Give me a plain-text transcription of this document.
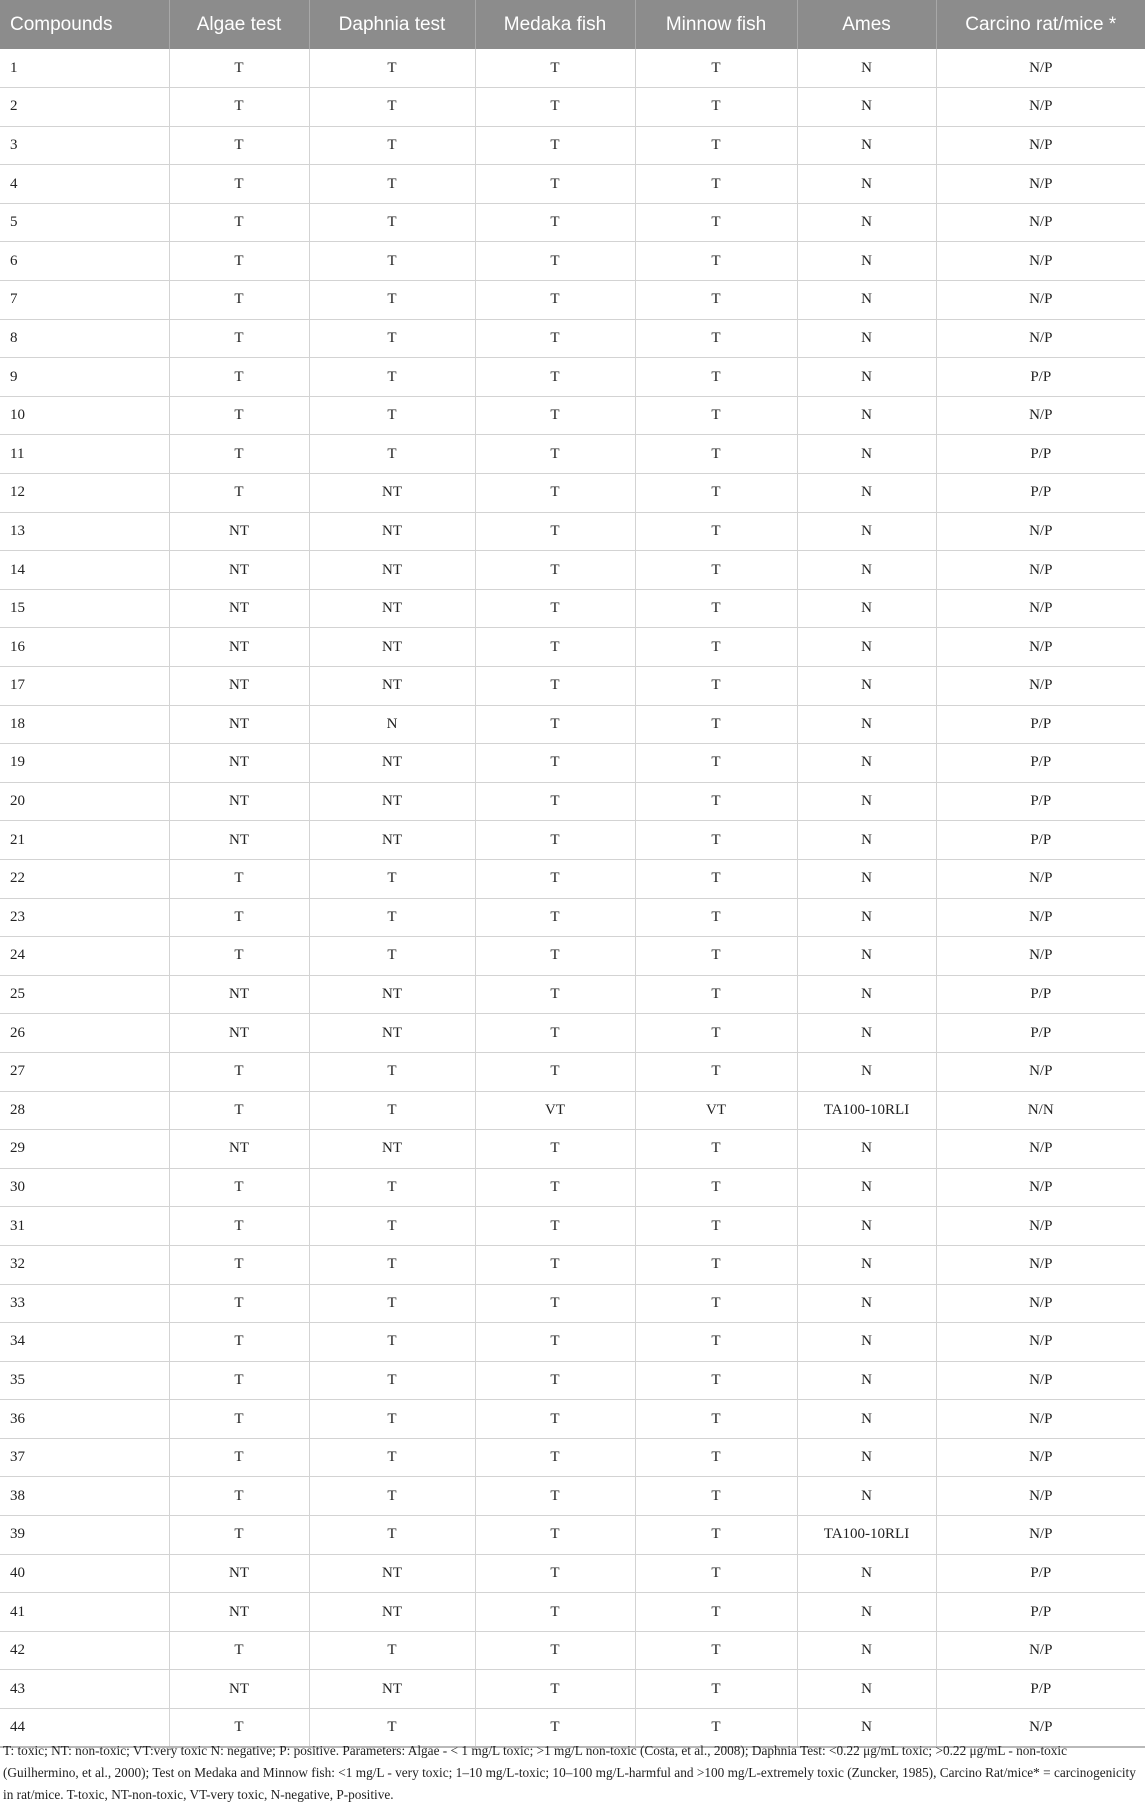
Compounds	Algae test	Daphnia test	Medaka fish	Minnow fish	Ames	Carcino rat/mice *
1	T	T	T	T	N	N/P
2	T	T	T	T	N	N/P
3	T	T	T	T	N	N/P
4	T	T	T	T	N	N/P
5	T	T	T	T	N	N/P
6	T	T	T	T	N	N/P
7	T	T	T	T	N	N/P
8	T	T	T	T	N	N/P
9	T	T	T	T	N	P/P
10	T	T	T	T	N	N/P
11	T	T	T	T	N	P/P
12	T	NT	T	T	N	P/P
13	NT	NT	T	T	N	N/P
14	NT	NT	T	T	N	N/P
15	NT	NT	T	T	N	N/P
16	NT	NT	T	T	N	N/P
17	NT	NT	T	T	N	N/P
18	NT	N	T	T	N	P/P
19	NT	NT	T	T	N	P/P
20	NT	NT	T	T	N	P/P
21	NT	NT	T	T	N	P/P
22	T	T	T	T	N	N/P
23	T	T	T	T	N	N/P
24	T	T	T	T	N	N/P
25	NT	NT	T	T	N	P/P
26	NT	NT	T	T	N	P/P
27	T	T	T	T	N	N/P
28	T	T	VT	VT	TA100-10RLI	N/N
29	NT	NT	T	T	N	N/P
30	T	T	T	T	N	N/P
31	T	T	T	T	N	N/P
32	T	T	T	T	N	N/P
33	T	T	T	T	N	N/P
34	T	T	T	T	N	N/P
35	T	T	T	T	N	N/P
36	T	T	T	T	N	N/P
37	T	T	T	T	N	N/P
38	T	T	T	T	N	N/P
39	T	T	T	T	TA100-10RLI	N/P
40	NT	NT	T	T	N	P/P
41	NT	NT	T	T	N	P/P
42	T	T	T	T	N	N/P
43	NT	NT	T	T	N	P/P
44	T	T	T	T	N	N/P
T: toxic; NT: non-toxic; VT:very toxic N: negative; P: positive. Parameters: Algae - < 1 mg/L toxic; >1 mg/L non-toxic (Costa, et al., 2008); Daphnia Test: <0.22 μg/mL toxic; >0.22 μg/mL - non-toxic (Guilhermino, et al., 2000); Test on Medaka and Minnow fish: <1 mg/L - very toxic; 1–10 mg/L-toxic; 10–100 mg/L-harmful and >100 mg/L-extremely toxic (Zuncker, 1985), Carcino Rat/mice* = carcinogenicity in rat/mice. T-toxic, NT-non-toxic, VT-very toxic, N-negative, P-positive.
